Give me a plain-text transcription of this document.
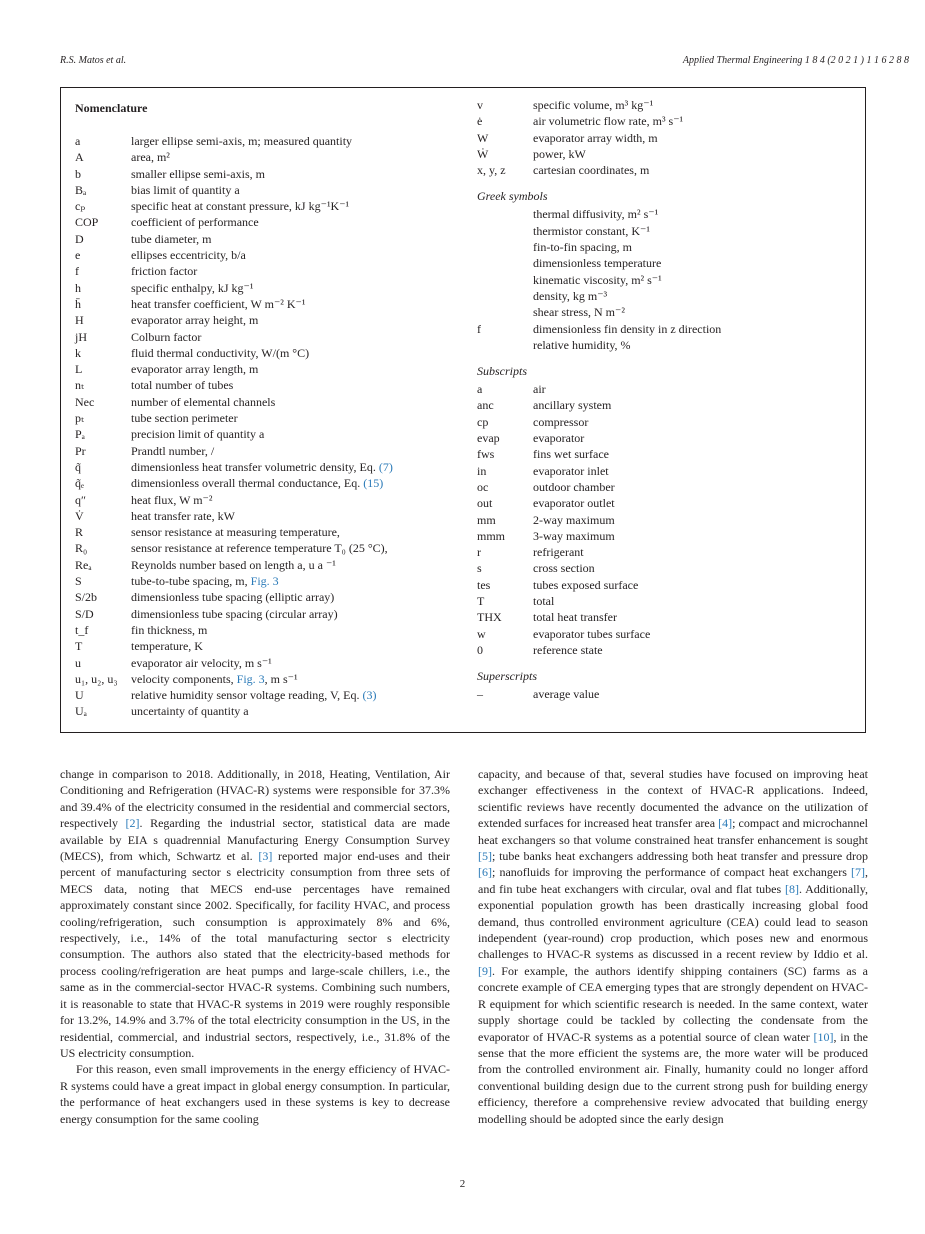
R.S. Matos et al.	Applied Thermal Engineering 1 8 4 (2 0 2 1 ) 1 1 6 2 8 8
Nomenclature
a	larger ellipse semi-axis, m; measured quantity
A	area, m²
b	smaller ellipse semi-axis, m
Bₐ	bias limit of quantity a
cₚ	specific heat at constant pressure, kJ kg⁻¹K⁻¹
COP	coefficient of performance
D	tube diameter, m
e	ellipses eccentricity, b/a
f	friction factor
h	specific enthalpy, kJ kg⁻¹
h̄	heat transfer coefficient, W m⁻² K⁻¹
H	evaporator array height, m
jH	Colburn factor
k	fluid thermal conductivity, W/(m °C)
L	evaporator array length, m
nₜ	total number of tubes
Nec	number of elemental channels
pₜ	tube section perimeter
Pₐ	precision limit of quantity a
Pr	Prandtl number, /
q̃	dimensionless heat transfer volumetric density, Eq. (7)
q̃ₑ	dimensionless overall thermal conductance, Eq. (15)
q″	heat flux, W m⁻²
V̇	heat transfer rate, kW
R	sensor resistance at measuring temperature,
R₀	sensor resistance at reference temperature T₀ (25 °C),
Reₐ	Reynolds number based on length a, u a ⁻¹
S	tube-to-tube spacing, m, Fig. 3
S/2b	dimensionless tube spacing (elliptic array)
S/D	dimensionless tube spacing (circular array)
t_f	fin thickness, m
T	temperature, K
u	evaporator air velocity, m s⁻¹
u₁, u₂, u₃ velocity components, Fig. 3, m s⁻¹
U	relative humidity sensor voltage reading, V, Eq. (3)
Uₐ	uncertainty of quantity a
v	specific volume, m³ kg⁻¹
ė	air volumetric flow rate, m³ s⁻¹
W	evaporator array width, m
Ẇ	power, kW
x, y, z cartesian coordinates, m
Greek symbols
thermal diffusivity, m² s⁻¹
thermistor constant, K⁻¹
fin-to-fin spacing, m
dimensionless temperature
kinematic viscosity, m² s⁻¹
density, kg m⁻³
shear stress, N m⁻²
f	dimensionless fin density in z direction
relative humidity, %
Subscripts
a	air
anc	ancillary system
cp	compressor
evap	evaporator
fws	fins wet surface
in	evaporator inlet
oc	outdoor chamber
out	evaporator outlet
mm	2-way maximum
mmm 3-way maximum
r	refrigerant
s	cross section
tes	tubes exposed surface
T	total
THX	total heat transfer
w	evaporator tubes surface
0	reference state
Superscripts
–	average value

change in comparison to 2018. Additionally, in 2018, Heating, Ventilation, Air Conditioning and Refrigeration (HVAC-R) systems were responsible for 37.3% and 39.4% of the electricity consumed in the residential and commercial sectors, respectively [2]. Regarding the industrial sector, statistical data are made available by EIA s quadrennial Manufacturing Energy Consumption Survey (MECS), from which, Schwartz et al. [3] reported major end-uses and their percent of manufacturing sector s electricity consumption from three sets of MECS data, noting that MECS end-use percentages have remained approximately constant since 2002. Specifically, for facility HVAC, and process cooling/refrigeration, such consumption is approximately 8% and 6%, respectively, i.e., 14% of the total manufacturing sector s electricity consumption. The authors also stated that the electricity-based methods for process cooling/refrigeration are heat pumps and large-scale chillers, i.e., the same as in the commercial-sector HVAC-R systems. Combining such numbers, it is reasonable to state that HVAC-R systems in 2019 were roughly responsible for 13.2%, 14.9% and 3.7% of the total electricity consumption in the US, in the residential, commercial, and industrial sectors, respectively, i.e., 31.8% of the US electricity consumption.

For this reason, even small improvements in the energy efficiency of HVAC-R systems could have a great impact in global energy consumption. In particular, the performance of heat exchangers used in these systems is key to decrease energy consumption for the same cooling

capacity, and because of that, several studies have focused on improving heat exchanger effectiveness in the context of HVAC-R applications. Indeed, scientific reviews have recently documented the advance on the utilization of extended surfaces for increased heat transfer area [4]; compact and microchannel heat exchangers so that volume constrained heat transfer enhancement is sought [5]; tube banks heat exchangers addressing both heat transfer and pressure drop [6]; nanofluids for improving the performance of compact heat exchangers [7], and fin tube heat exchangers with circular, oval and flat tubes [8]. Additionally, exponential population growth has been drastically increasing global food demand, thus controlled environment agriculture (CEA) could lead to season independent (year-round) crop production, which poses new and enormous challenges to HVAC-R systems as discussed in a recent review by Iddio et al. [9]. For example, the authors identify shipping containers (SC) farms as a concrete example of CEA emerging types that are strongly dependent on HVAC-R equipment for which scientific research is needed. In the same context, water supply shortage could be tackled by collecting the condensate from the evaporator of HVAC-R systems as a potential source of clean water [10], in the sense that the more efficient the systems are, the more water will be produced from the controlled environment air. Finally, humanity could no longer afford conventional building design due to the current strong push for building energy efficiency, therefore a comprehensive review advocated that building energy modelling should be adopted since the early design

2
